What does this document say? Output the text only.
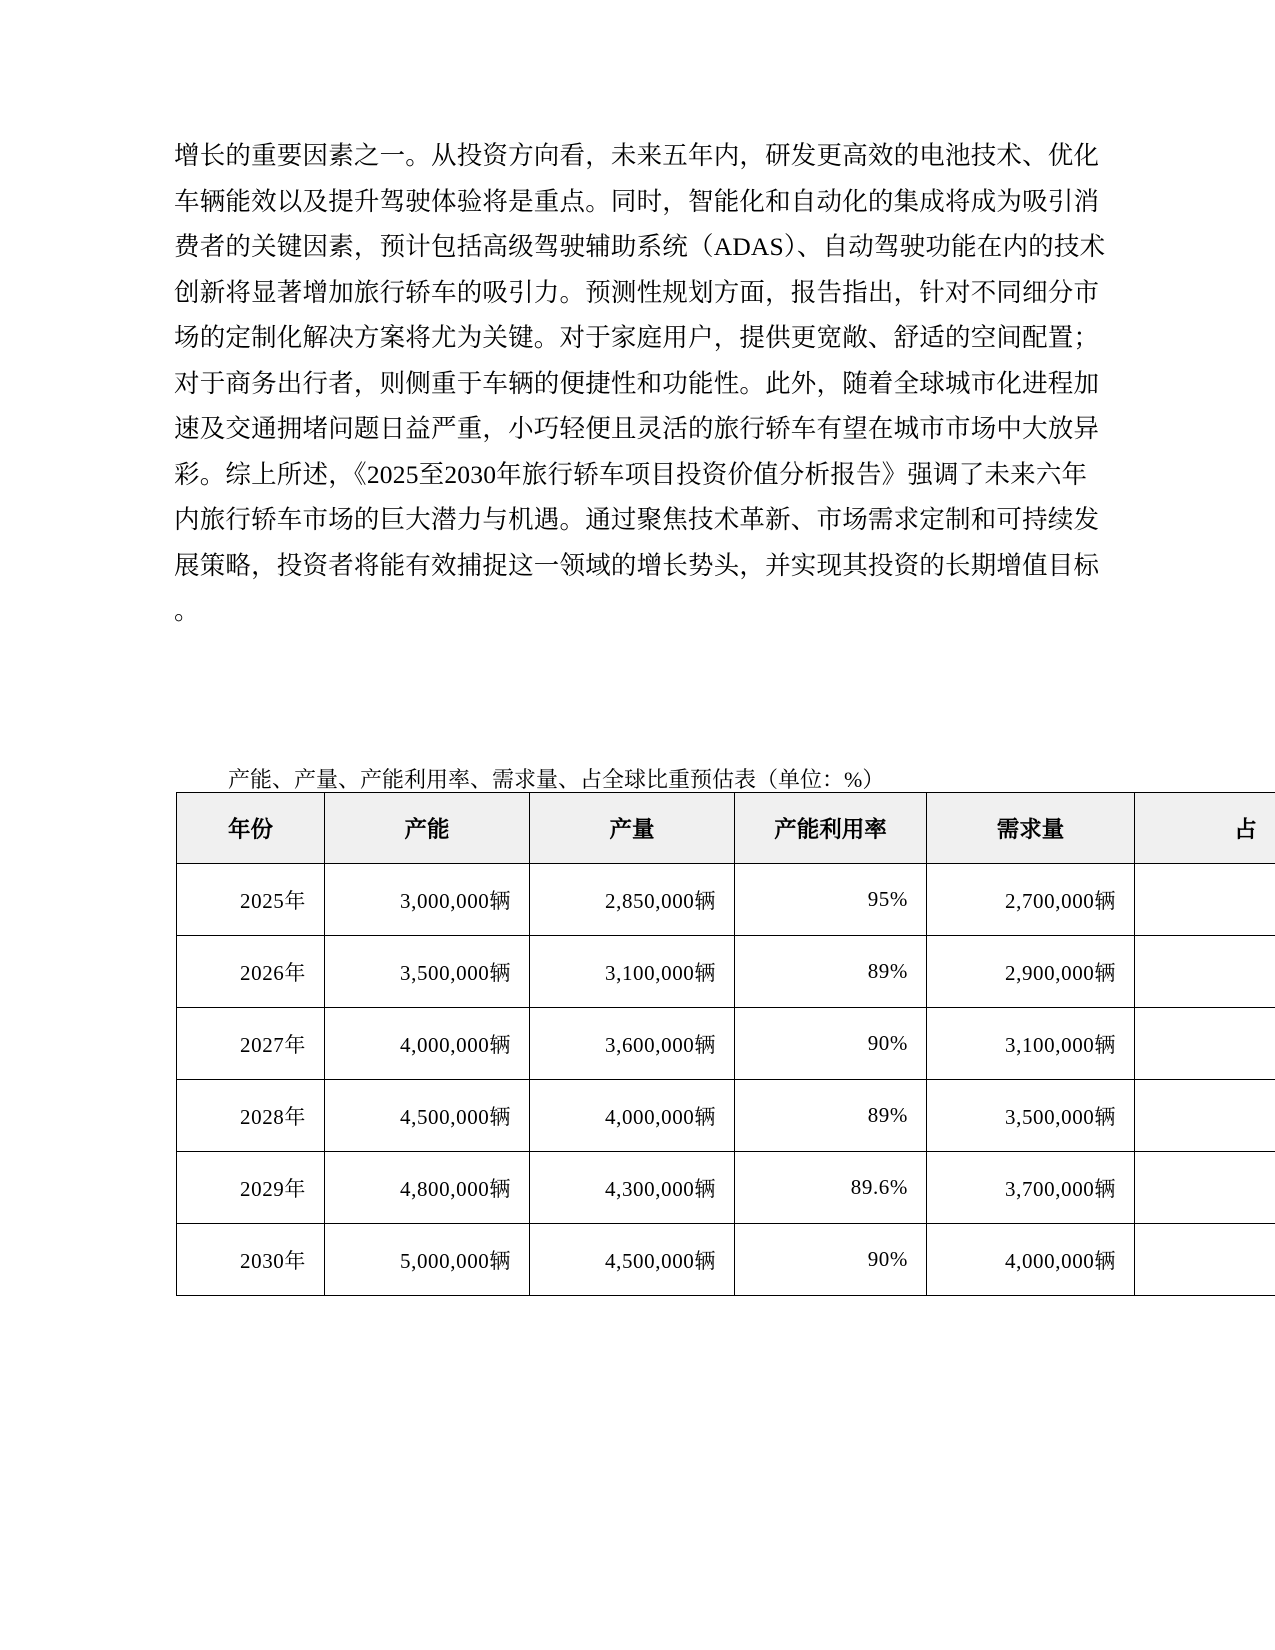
增长的重要因素之一。从投资方向看，未来五年内，研发更高效的电池技术、优化
车辆能效以及提升驾驶体验将是重点。同时，智能化和自动化的集成将成为吸引消
费者的关键因素，预计包括高级驾驶辅助系统（ADAS）、自动驾驶功能在内的技术
创新将显著增加旅行轿车的吸引力。预测性规划方面，报告指出，针对不同细分市
场的定制化解决方案将尤为关键。对于家庭用户，提供更宽敞、舒适的空间配置；
对于商务出行者，则侧重于车辆的便捷性和功能性。此外，随着全球城市化进程加
速及交通拥堵问题日益严重，小巧轻便且灵活的旅行轿车有望在城市市场中大放异
彩。综上所述，《2025至2030年旅行轿车项目投资价值分析报告》强调了未来六年
内旅行轿车市场的巨大潜力与机遇。通过聚焦技术革新、市场需求定制和可持续发
展策略，投资者将能有效捕捉这一领域的增长势头，并实现其投资的长期增值目标
。
产能、产量、产能利用率、需求量、占全球比重预估表（单位：%）
年份	产能	产量	产能利用率	需求量	占
2025年	3,000,000辆	2,850,000辆	95%	2,700,000辆	
2026年	3,500,000辆	3,100,000辆	89%	2,900,000辆	
2027年	4,000,000辆	3,600,000辆	90%	3,100,000辆	
2028年	4,500,000辆	4,000,000辆	89%	3,500,000辆	
2029年	4,800,000辆	4,300,000辆	89.6%	3,700,000辆	
2030年	5,000,000辆	4,500,000辆	90%	4,000,000辆	
